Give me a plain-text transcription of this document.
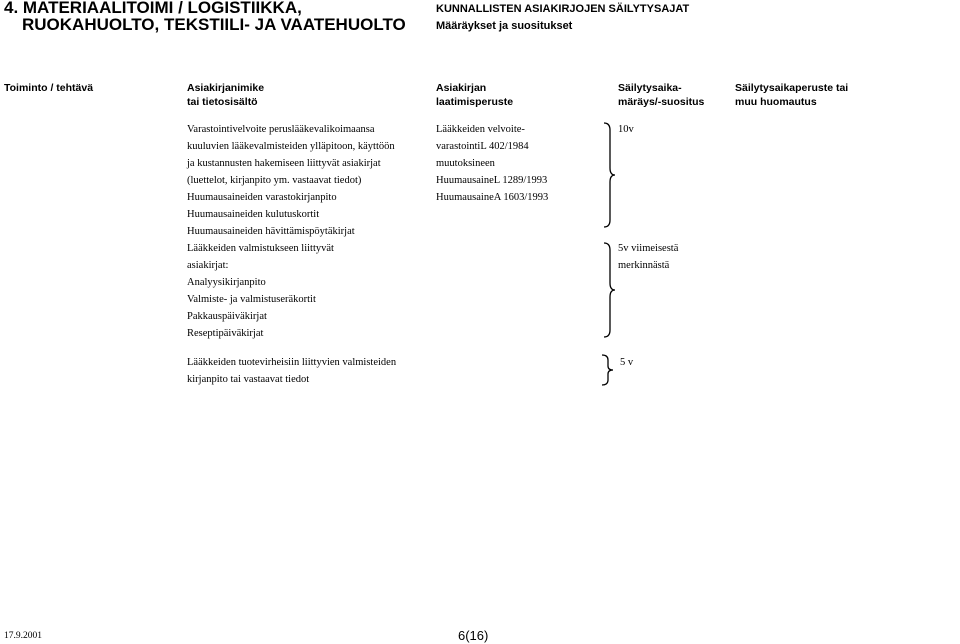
4. MATERIAALITOIMI / LOGISTIIKKA,
RUOKAHUOLTO, TEKSTIILI- JA VAATEHUOLTO
KUNNALLISTEN ASIAKIRJOJEN SÄILYTYSAJAT
Määräykset ja suositukset
Toiminto / tehtävä	Asiakirjanimike
tai tietosisältö
Asiakirjan
laatimisperuste
Säilytysaika-
märäys/-suositus
Säilytysaikaperuste tai
muu huomautus
Varastointivelvoite peruslääkevalikoimaansa
kuuluvien lääkevalmisteiden ylläpitoon, käyttöön
ja kustannusten hakemiseen liittyvät asiakirjat
(luettelot, kirjanpito ym. vastaavat tiedot)
Huumausaineiden varastokirjanpito
Huumausaineiden kulutuskortit
Huumausaineiden hävittämispöytäkirjat
Lääkkeiden velvoite-
varastointiL 402/1984
muutoksineen
HuumausaineL 1289/1993
HuumausaineA 1603/1993
10v
Lääkkeiden valmistukseen liittyvät
asiakirjat:
Analyysikirjanpito
Valmiste- ja valmistuseräkortit
Pakkauspäiväkirjat
Reseptipäiväkirjat
5v viimeisestä
merkinnästä
Lääkkeiden tuotevirheisiin liittyvien valmisteiden
kirjanpito tai vastaavat tiedot
5 v
17.9.2001	6(16)
